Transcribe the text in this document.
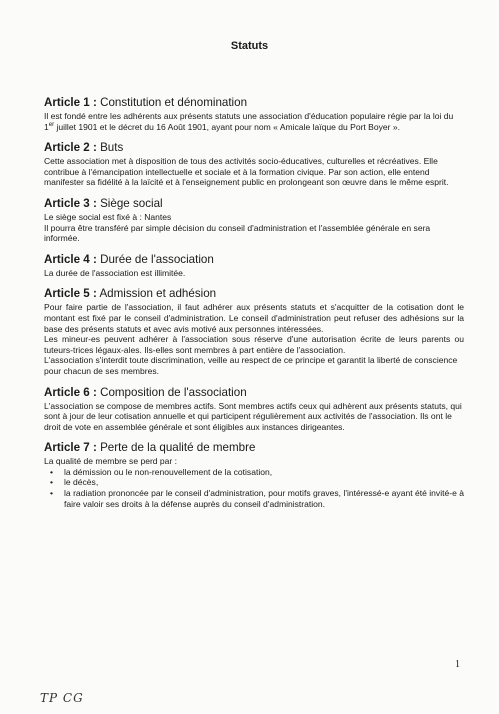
Statuts
Article 1 : Constitution et dénomination

Il est fondé entre les adhérents aux présents statuts une association d'éducation populaire régie par la loi du 1er juillet 1901 et le décret du 16 Août 1901, ayant pour nom « Amicale laïque du Port Boyer ».

Article 2 : Buts

Cette association met à disposition de tous des activités socio-éducatives, culturelles et récréatives. Elle contribue à l'émancipation intellectuelle et sociale et à la formation civique. Par son action, elle entend manifester sa fidélité à la laïcité et à l'enseignement public en prolongeant son œuvre dans le même esprit.

Article 3 : Siège social

Le siège social est fixé à : Nantes

Il pourra être transféré par simple décision du conseil d'administration et l'assemblée générale en sera informée.

Article 4 : Durée de l'association

La durée de l'association est illimitée.

Article 5 : Admission et adhésion

Pour faire partie de l'association, il faut adhérer aux présents statuts et s'acquitter de la cotisation dont le montant est fixé par le conseil d'administration. Le conseil d'administration peut refuser des adhésions sur la base des présents statuts et avec avis motivé aux personnes intéressées.

Les mineur-es peuvent adhérer à l'association sous réserve d'une autorisation écrite de leurs parents ou tuteurs-trices légaux-ales. Ils-elles sont membres à part entière de l'association.

L'association s'interdit toute discrimination, veille au respect de ce principe et garantit la liberté de conscience pour chacun de ses membres.

Article 6 : Composition de l'association

L'association se compose de membres actifs. Sont membres actifs ceux qui adhèrent aux présents statuts, qui sont à jour de leur cotisation annuelle et qui participent régulièrement aux activités de l'association. Ils ont le droit de vote en assemblée générale et sont éligibles aux instances dirigeantes.

Article 7 : Perte de la qualité de membre

La qualité de membre se perd par :

•	la démission ou le non-renouvellement de la cotisation,
•	le décès,
•	la radiation prononcée par le conseil d'administration, pour motifs graves, l'intéressé-e ayant été invité-e à faire valoir ses droits à la défense auprès du conseil d'administration.
1
TP CG
